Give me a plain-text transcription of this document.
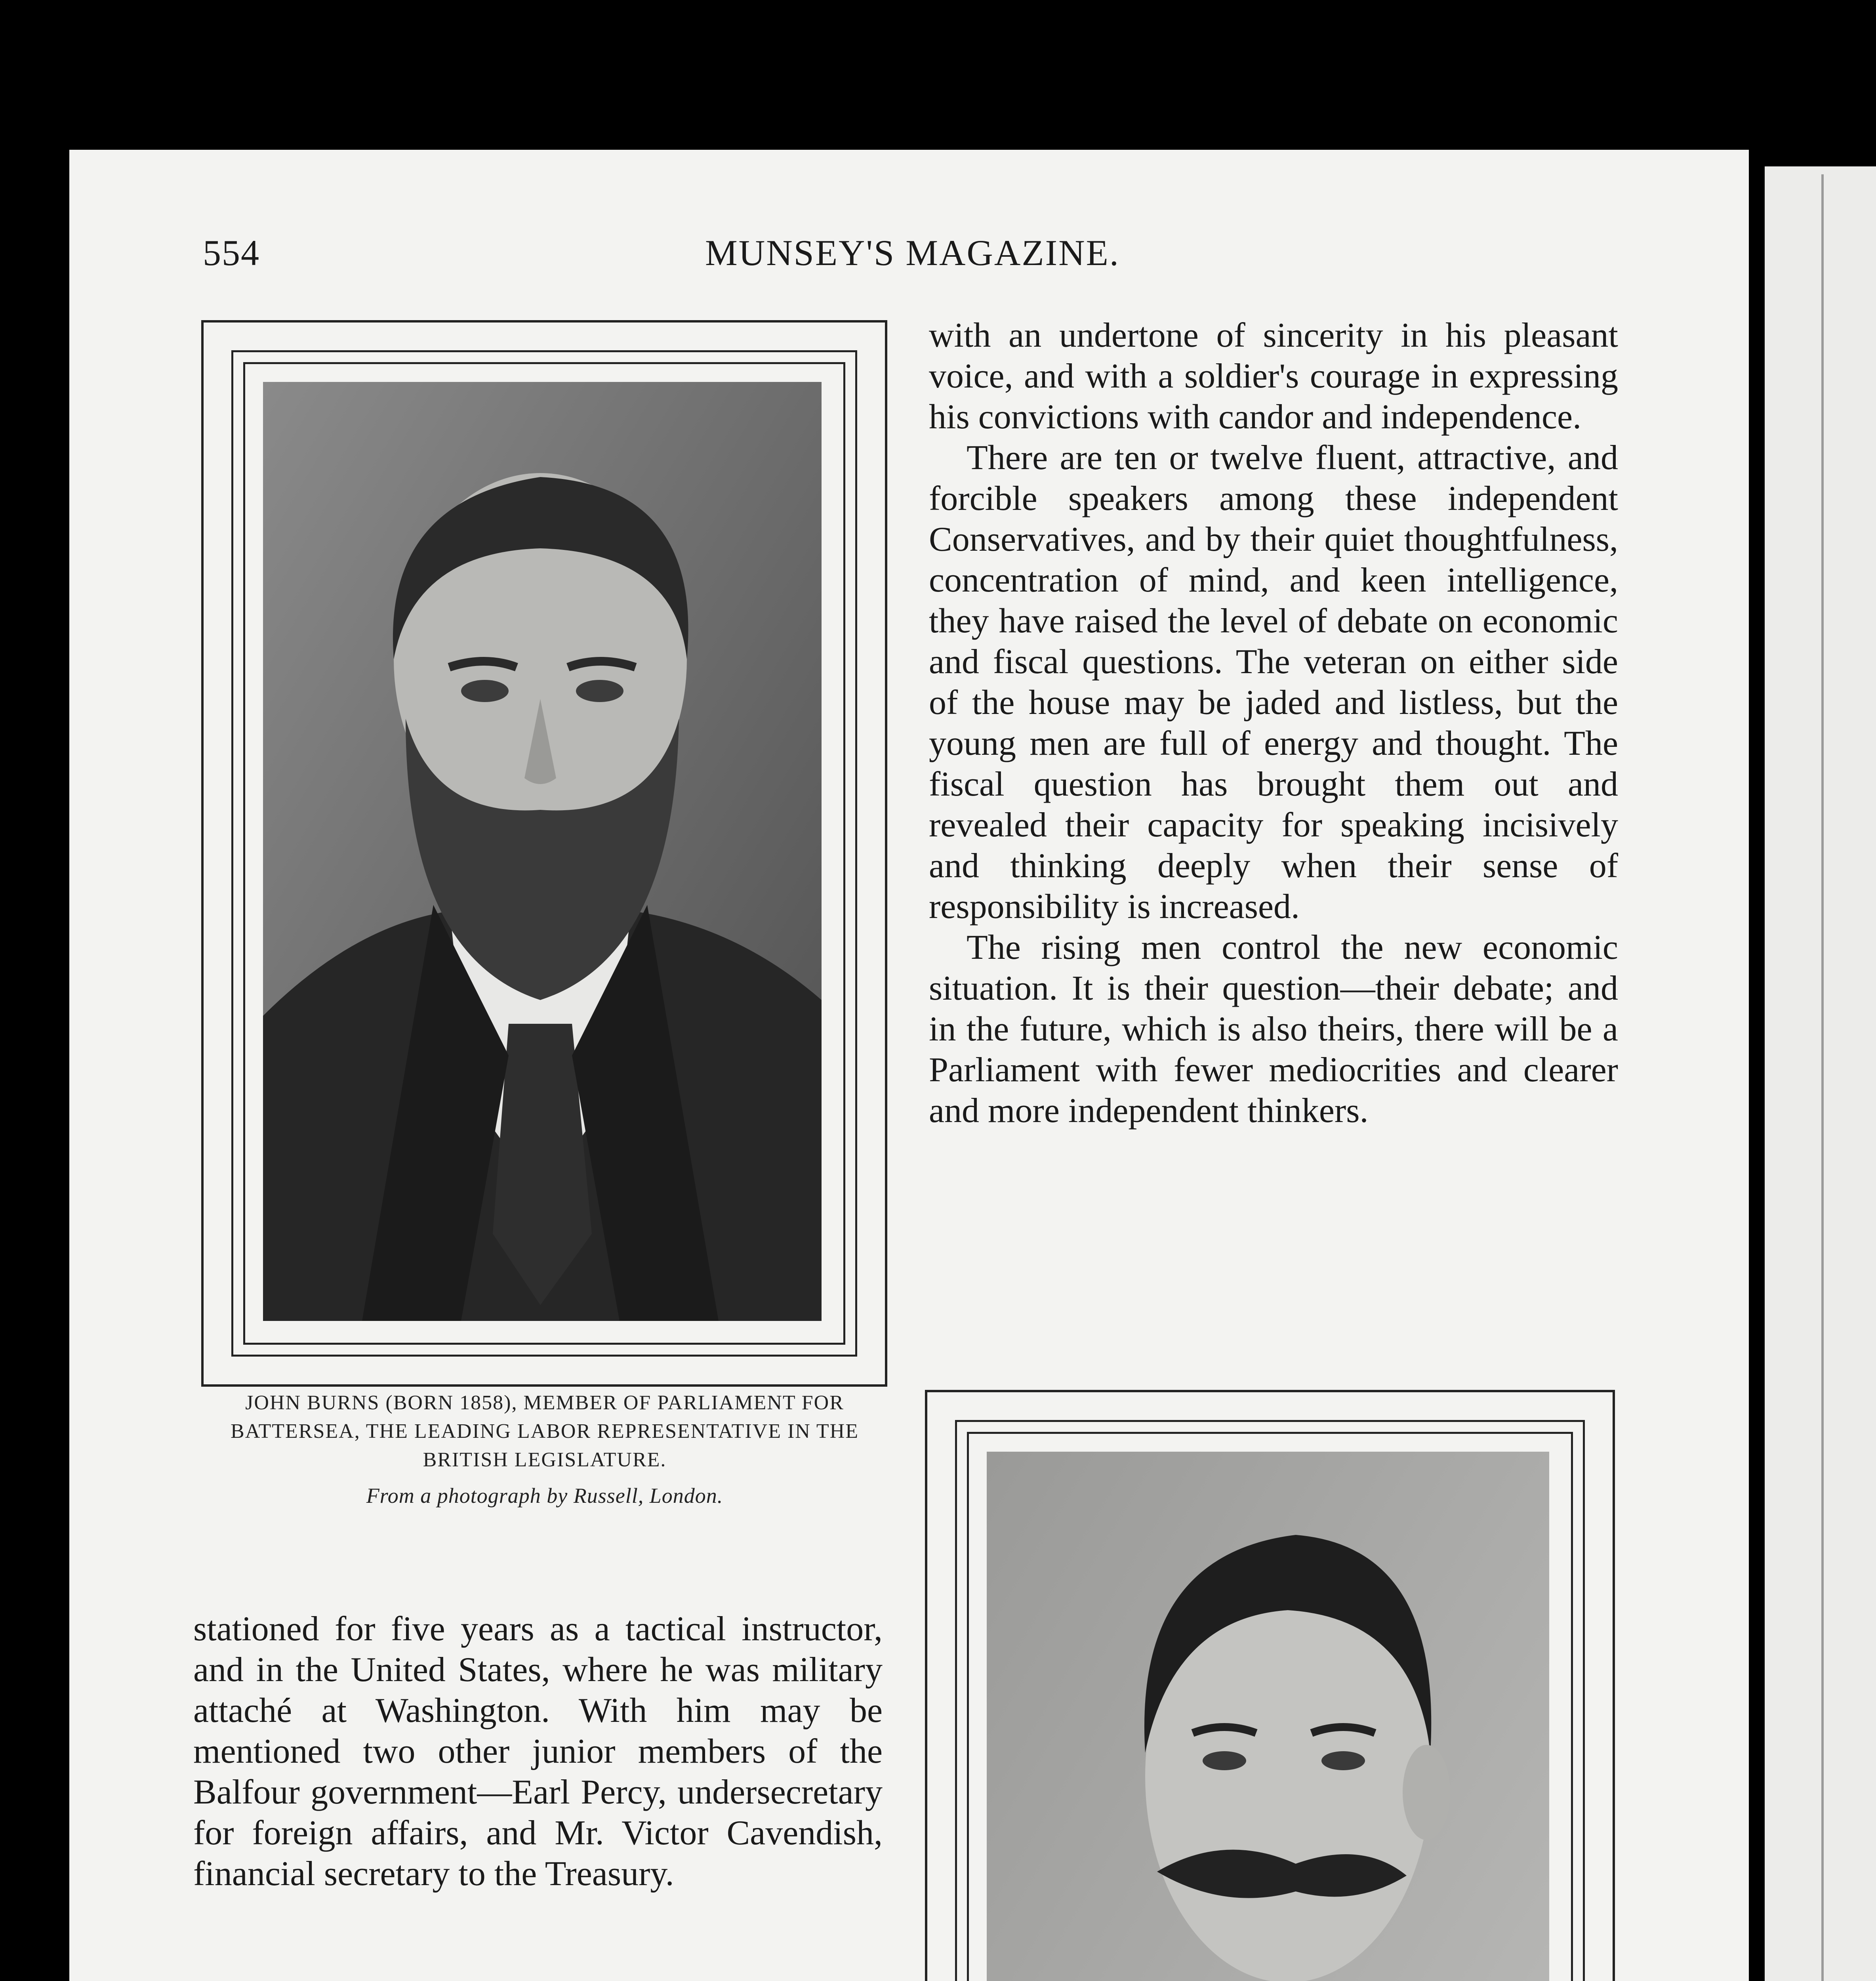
554	MUNSEY'S MAGAZINE.
JOHN BURNS (BORN 1858), MEMBER OF PARLIAMENT FOR BATTERSEA, THE LEADING LABOR REPRESENTATIVE IN THE BRITISH LEGISLATURE.
From a photograph by Russell, London.

with an undertone of sincerity in his pleasant voice, and with a soldier's courage in expressing his convictions with candor and independence.

There are ten or twelve fluent, attractive, and forcible speakers among these independent Conservatives, and by their quiet thoughtfulness, concentration of mind, and keen intelligence, they have raised the level of debate on economic and fiscal questions. The veteran on either side of the house may be jaded and listless, but the young men are full of energy and thought. The fiscal question has brought them out and revealed their capacity for speaking incisively and thinking deeply when their sense of responsibility is increased.

The rising men control the new economic situation. It is their question—their debate; and in the future, which is also theirs, there will be a Parliament with fewer mediocrities and clearer and more independent thinkers.

stationed for five years as a tactical instructor, and in the United States, where he was military attaché at Washington. With him may be mentioned two other junior members of the Balfour government—Earl Percy, undersecretary for foreign affairs, and Mr. Victor Cavendish, financial secretary to the Treasury.
